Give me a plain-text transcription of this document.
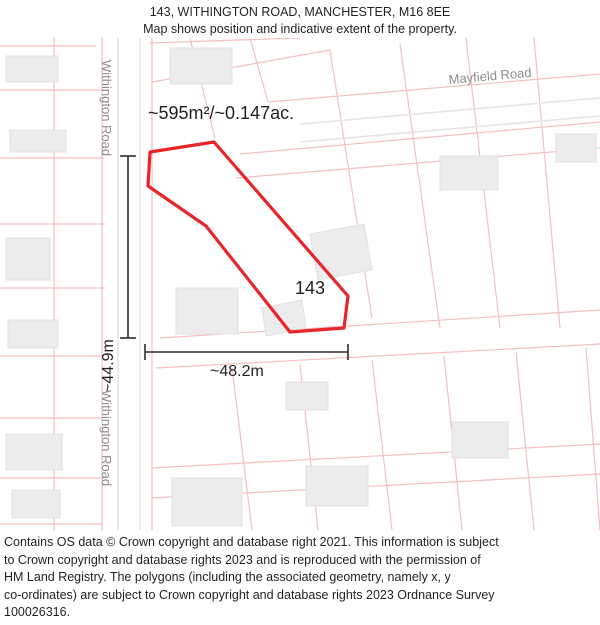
143, WITHINGTON ROAD, MANCHESTER, M16 8EE
Map shows position and indicative extent of the property.
~595m²/~0.147ac.
143
~48.2m
~44.9m
Withington Road
Withington Road
Mayfield Road

Contains OS data © Crown copyright and database right 2021. This information is subject

to Crown copyright and database rights 2023 and is reproduced with the permission of

HM Land Registry. The polygons (including the associated geometry, namely x, y

co-ordinates) are subject to Crown copyright and database rights 2023 Ordnance Survey

100026316.
